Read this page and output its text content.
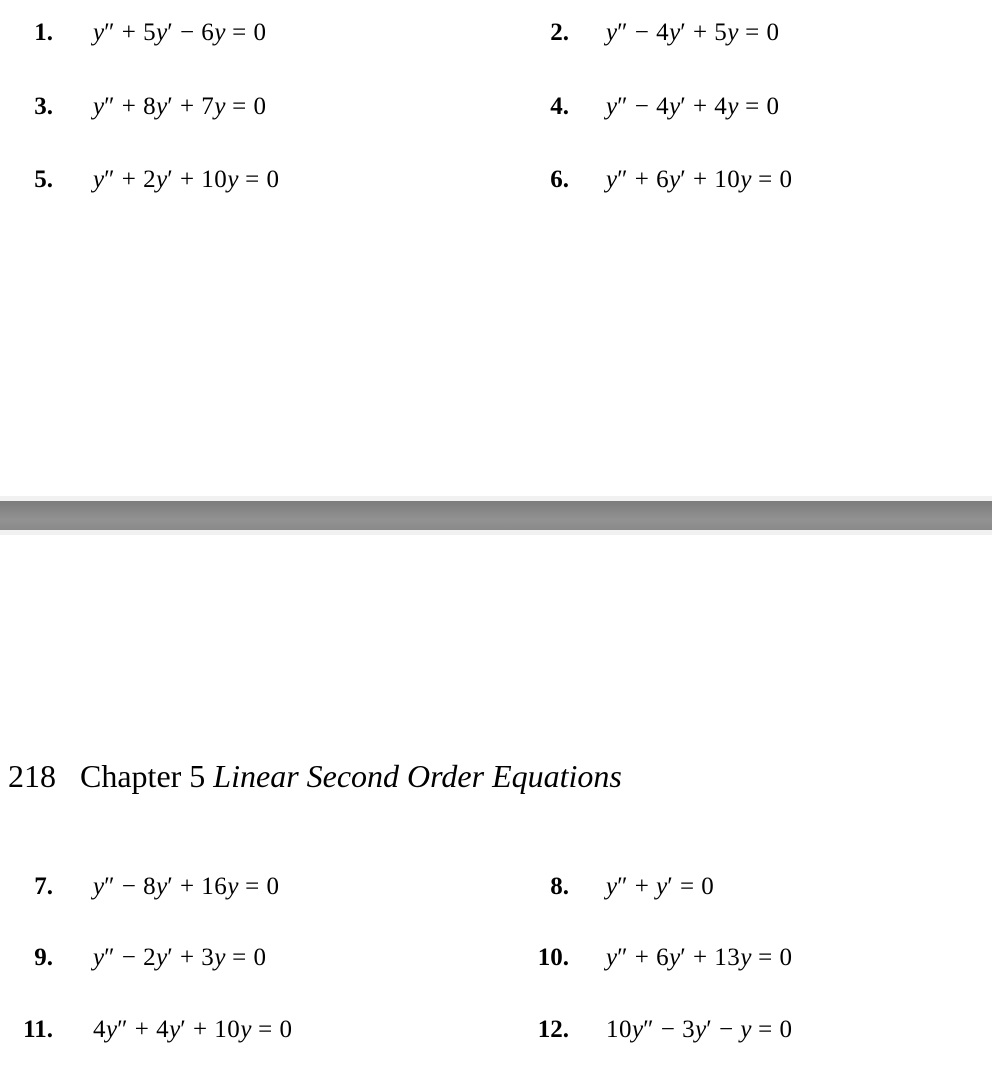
1. y″ + 5y′ − 6y = 0	2. y″ − 4y′ + 5y = 0
3. y″ + 8y′ + 7y = 0	4. y″ − 4y′ + 4y = 0
5. y″ + 2y′ + 10y = 0	6. y″ + 6y′ + 10y = 0
218 Chapter 5 Linear Second Order Equations
7. y″ − 8y′ + 16y = 0	8. y″ + y′ = 0
9. y″ − 2y′ + 3y = 0	10. y″ + 6y′ + 13y = 0
11. 4y″ + 4y′ + 10y = 0	12. 10y″ − 3y′ − y = 0
